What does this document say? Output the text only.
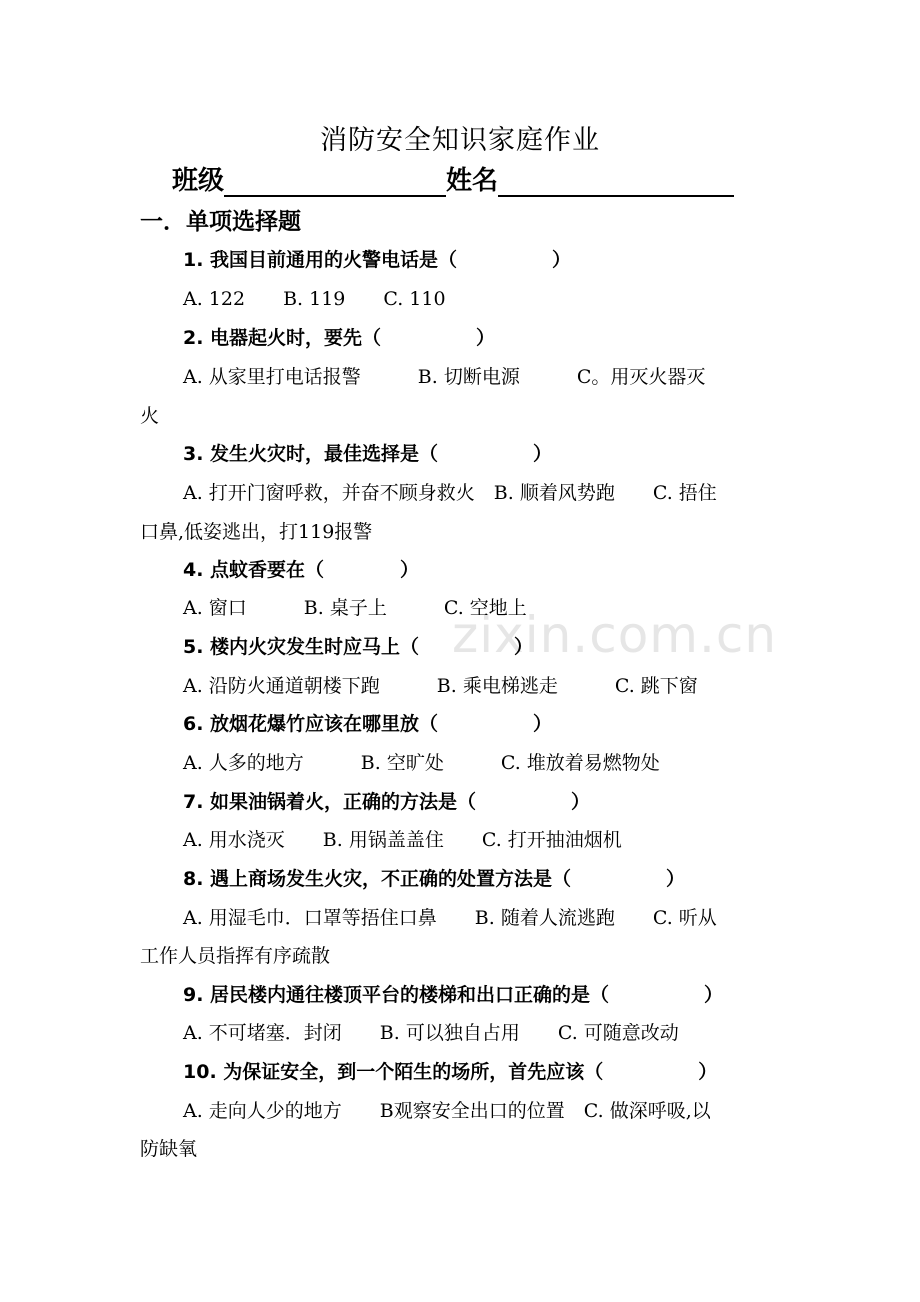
消防安全知识家庭作业
班级	姓名
一．单项选择题
zixin.com.cn
1. 我国目前通用的火警电话是（　　　　　）
A. 122　　B. 119　　C. 110
2. 电器起火时，要先（　　　　　）
A. 从家里打电话报警　　　B. 切断电源　　　C。用灭火器灭
火
3. 发生火灾时，最佳选择是（　　　　　）
A. 打开门窗呼救，并奋不顾身救火　B. 顺着风势跑　　C. 捂住
口鼻,低姿逃出，打119报警
4. 点蚊香要在（　　　　）
A. 窗口　　　B. 桌子上　　　C. 空地上
5. 楼内火灾发生时应马上（　　　　　）
A. 沿防火通道朝楼下跑　　　B. 乘电梯逃走　　　C. 跳下窗
6. 放烟花爆竹应该在哪里放（　　　　　）
A. 人多的地方　　　B. 空旷处　　　C. 堆放着易燃物处
7. 如果油锅着火，正确的方法是（　　　　　）
A. 用水浇灭　　B. 用锅盖盖住　　C. 打开抽油烟机
8. 遇上商场发生火灾，不正确的处置方法是（　　　　　）
A. 用湿毛巾．口罩等捂住口鼻　　B. 随着人流逃跑　　C. 听从
工作人员指挥有序疏散
9. 居民楼内通往楼顶平台的楼梯和出口正确的是（　　　　　）
A. 不可堵塞．封闭　　B. 可以独自占用　　C. 可随意改动
10. 为保证安全，到一个陌生的场所，首先应该（　　　　　）
A. 走向人少的地方　　B观察安全出口的位置　C. 做深呼吸,以
防缺氧
